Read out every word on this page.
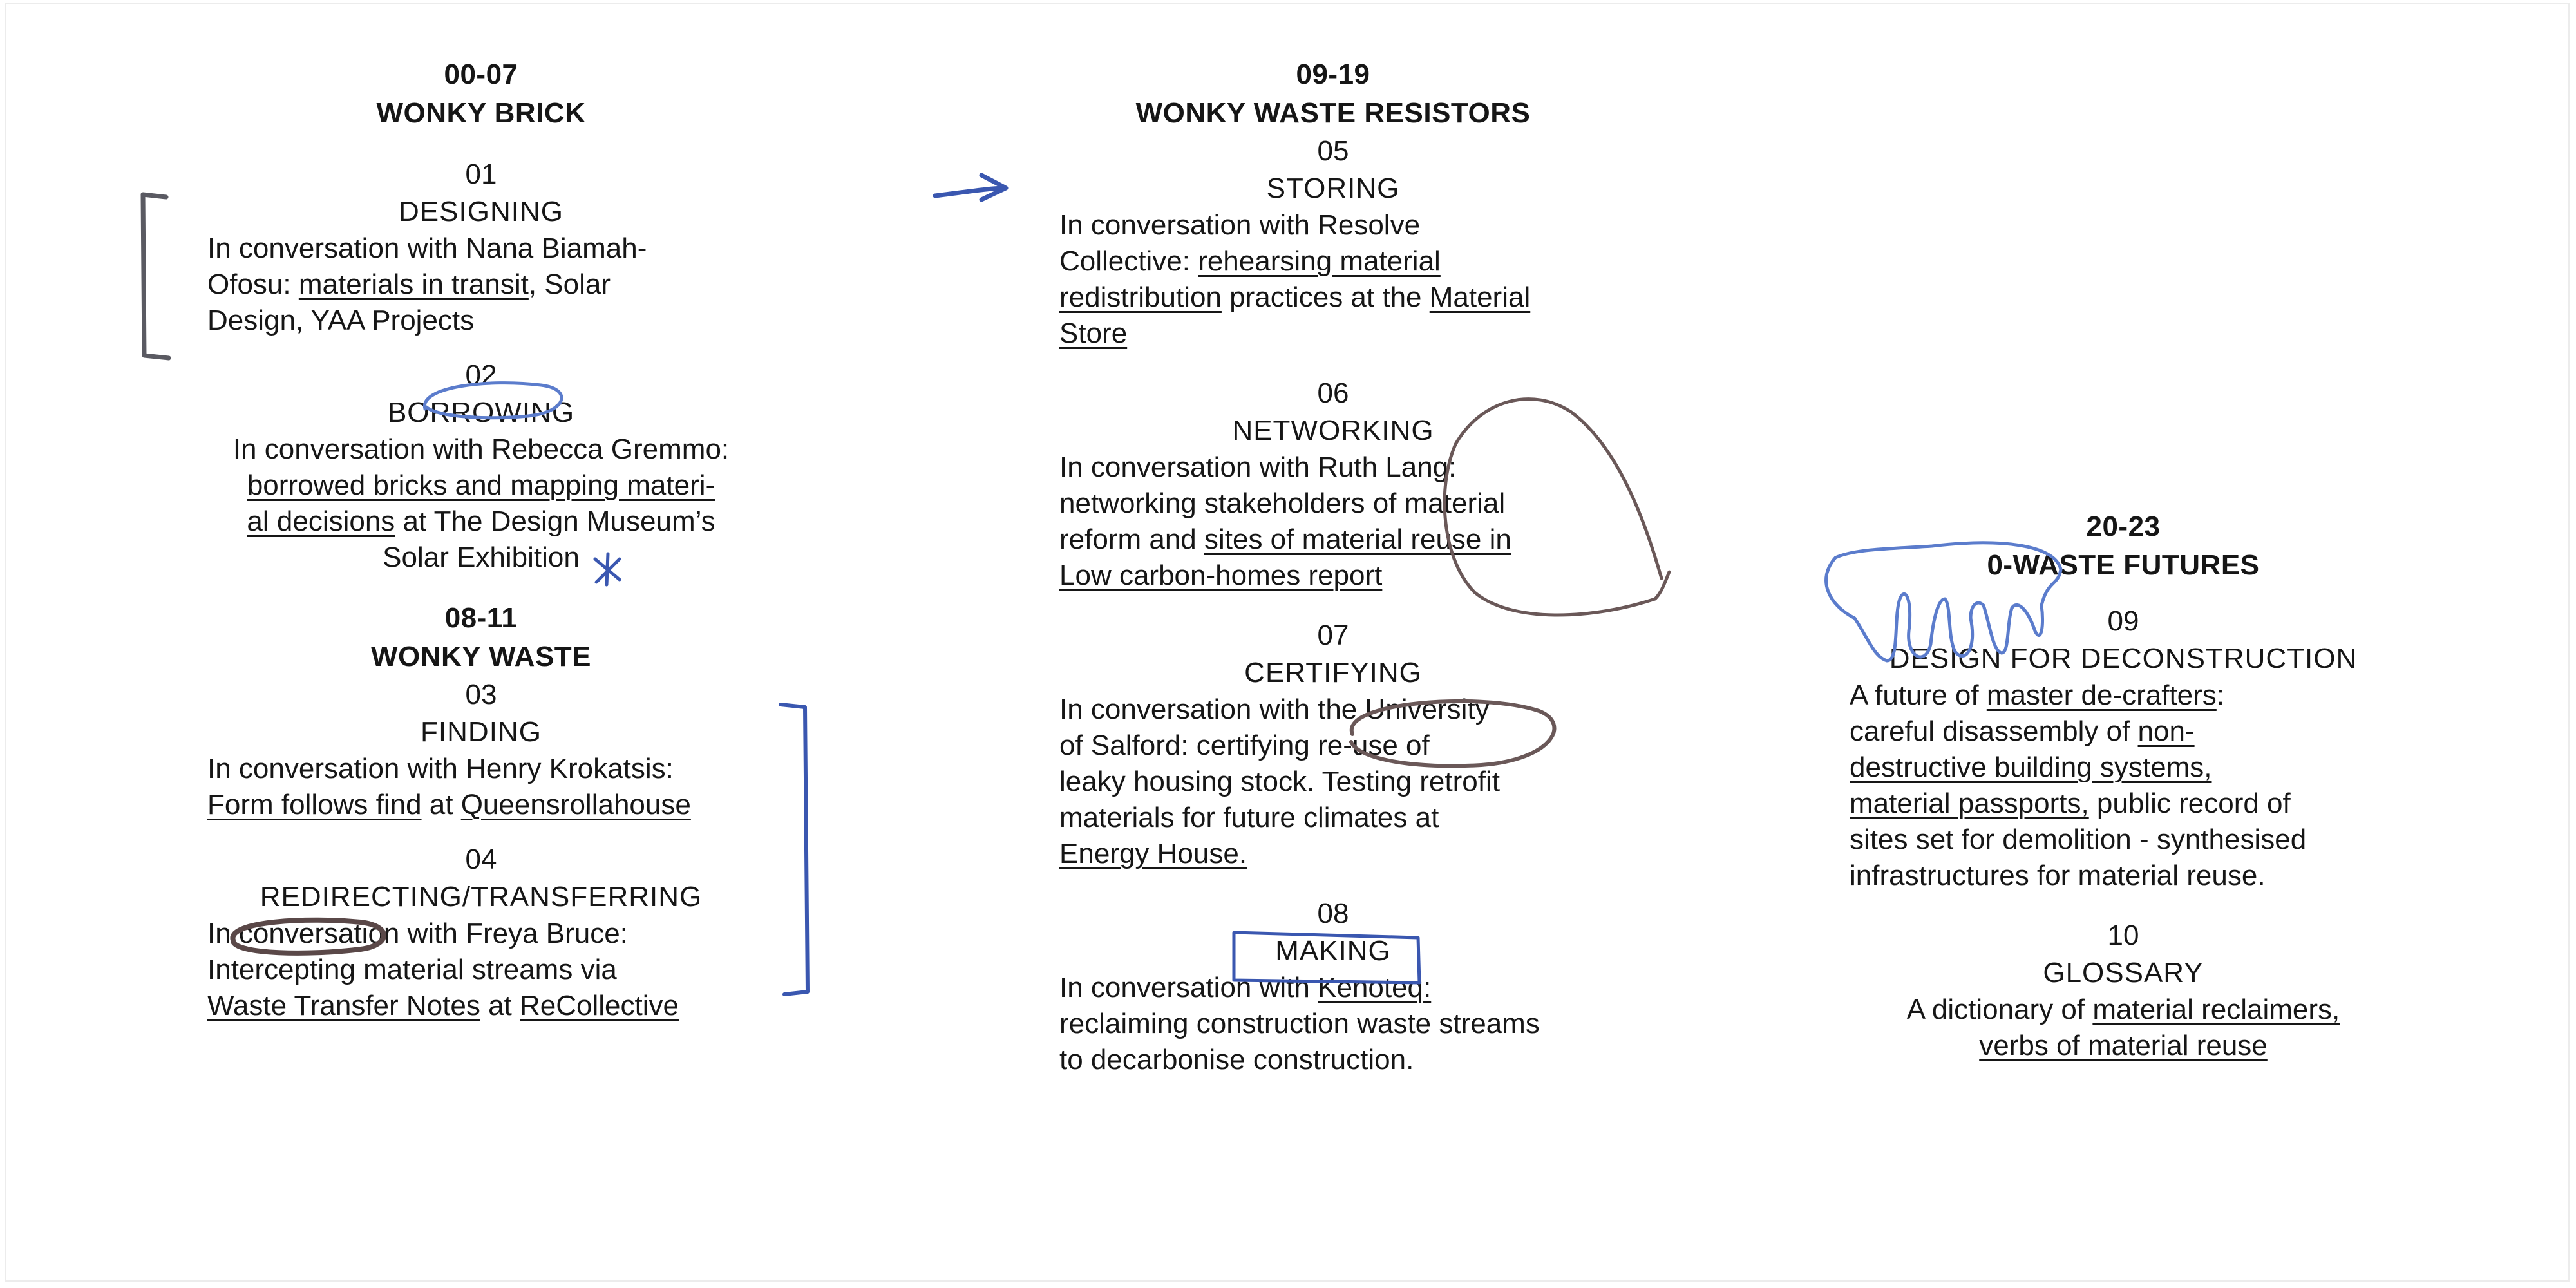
00-07
WONKY BRICK
01
DESIGNING
In conversation with Nana Biamah-
Ofosu: materials in transit, Solar
Design, YAA Projects
02
BORROWING
In conversation with Rebecca Gremmo:
borrowed bricks and mapping materi-
al decisions at The Design Museum’s
Solar Exhibition
08-11
WONKY WASTE
03
FINDING
In conversation with Henry Krokatsis:
Form follows find at Queensrollahouse
04
REDIRECTING/TRANSFERRING
In conversation with Freya Bruce:
Intercepting material streams via
Waste Transfer Notes at ReCollective
09-19
WONKY WASTE RESISTORS
05
STORING
In conversation with Resolve
Collective: rehearsing material
redistribution practices at the Material
Store
06
NETWORKING
In conversation with Ruth Lang:
networking stakeholders of material
reform and sites of material reuse in
Low carbon-homes report
07
CERTIFYING
In conversation with the University
of Salford: certifying re-use of
leaky housing stock. Testing retrofit
materials for future climates at
Energy House.
08
MAKING
In conversation with Kenoteq:
reclaiming construction waste streams
to decarbonise construction.
20-23
0-WASTE FUTURES
09
DESIGN FOR DECONSTRUCTION
A future of master de-crafters:
careful disassembly of non-
destructive building systems,
material passports, public record of
sites set for demolition - synthesised
infrastructures for material reuse.
10
GLOSSARY
A dictionary of material reclaimers,
verbs of material reuse
